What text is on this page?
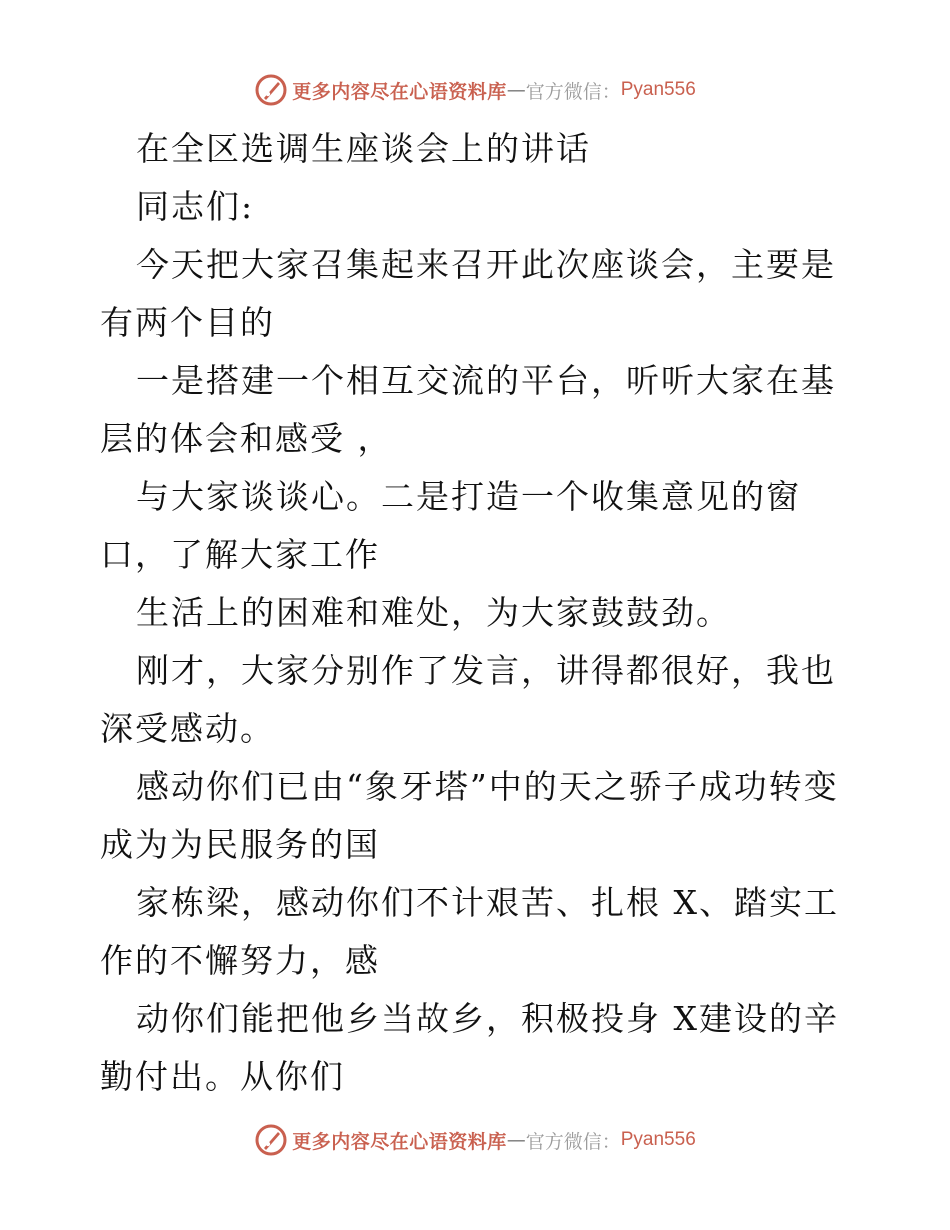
更多内容尽在心语资料库 — 官方微信： Pyan556

在全区选调生座谈会上的讲话

同志们:

今天把大家召集起来召开此次座谈会，主要是有两个目的

一是搭建一个相互交流的平台，听听大家在基层的体会和感受 ，

与大家谈谈心。二是打造一个收集意见的窗口，了解大家工作

生活上的困难和难处，为大家鼓鼓劲。

刚才，大家分别作了发言，讲得都很好，我也深受感动。

感动你们已由“象牙塔”中的天之骄子成功转变成为为民服务的国

家栋梁，感动你们不计艰苦、扎根 X、踏实工作的不懈努力，感

动你们能把他乡当故乡，积极投身 X建设的辛勤付出。从你们

更多内容尽在心语资料库 — 官方微信： Pyan556
